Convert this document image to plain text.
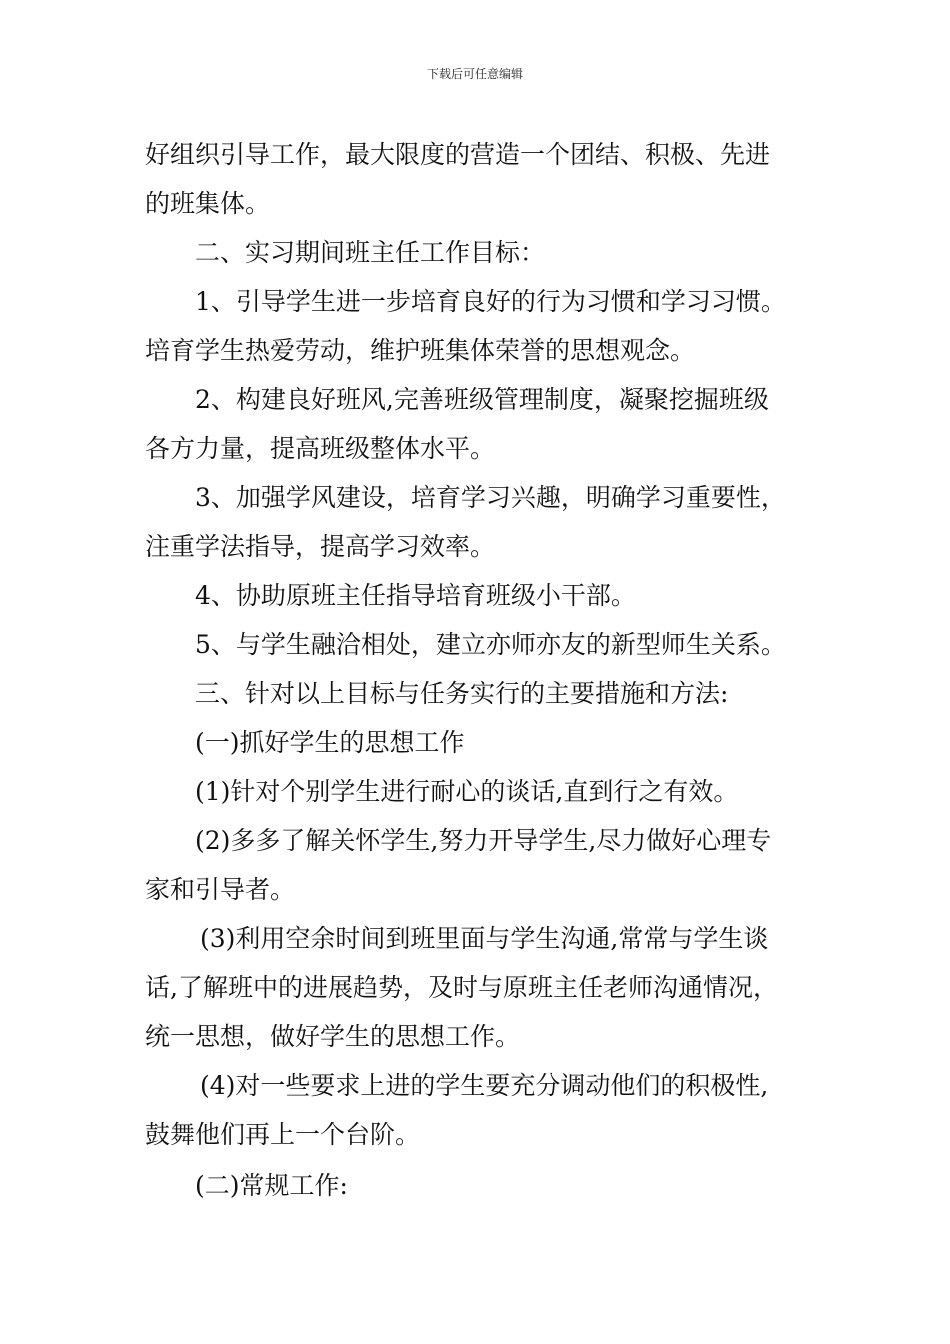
下载后可任意编辑

好组织引导工作，最大限度的营造一个团结、积极、先进

的班集体。

二、实习期间班主任工作目标：

1、引导学生进一步培育良好的行为习惯和学习习惯。

培育学生热爱劳动，维护班集体荣誉的思想观念。

2、构建良好班风,完善班级管理制度，凝聚挖掘班级

各方力量，提高班级整体水平。

3、加强学风建设，培育学习兴趣，明确学习重要性，

注重学法指导，提高学习效率。

4、协助原班主任指导培育班级小干部。

5、与学生融洽相处，建立亦师亦友的新型师生关系。

三、针对以上目标与任务实行的主要措施和方法:

(一)抓好学生的思想工作

(1)针对个别学生进行耐心的谈话,直到行之有效。

(2)多多了解关怀学生,努力开导学生,尽力做好心理专

家和引导者。

(3)利用空余时间到班里面与学生沟通,常常与学生谈

话,了解班中的进展趋势，及时与原班主任老师沟通情况，

统一思想，做好学生的思想工作。

(4)对一些要求上进的学生要充分调动他们的积极性,

鼓舞他们再上一个台阶。

(二)常规工作:
